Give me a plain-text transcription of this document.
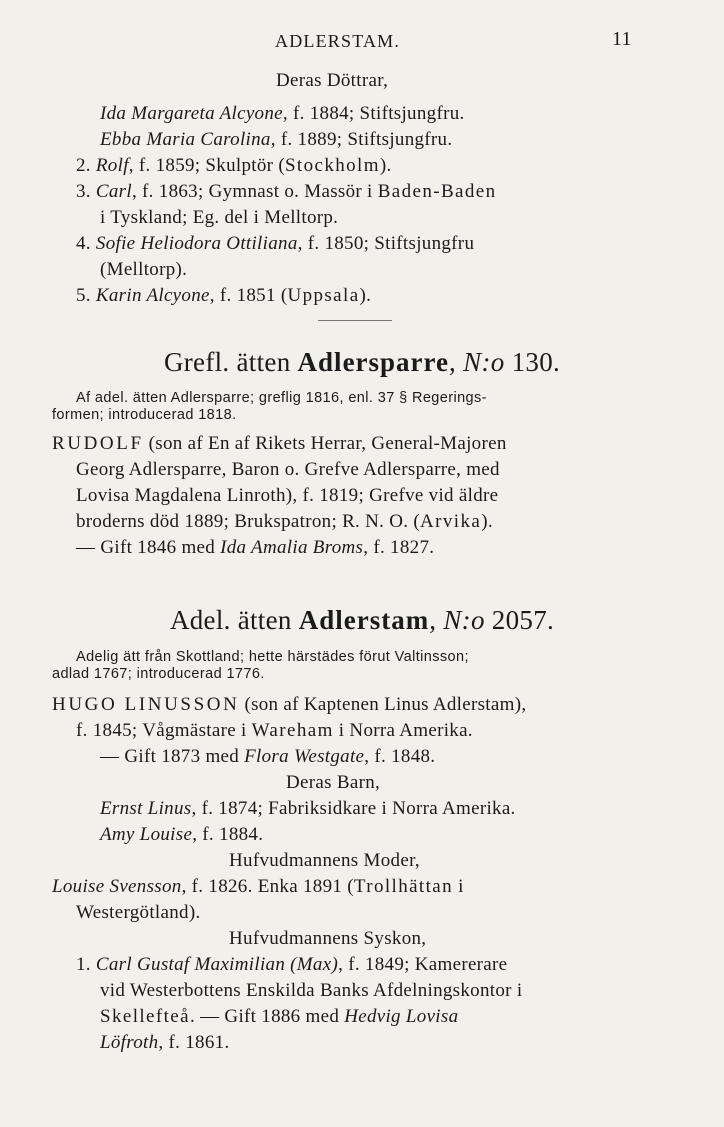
ADLERSTAM.	11
Deras Döttrar,
Ida Margareta Alcyone, f. 1884; Stiftsjungfru.
Ebba Maria Carolina, f. 1889; Stiftsjungfru.
2. Rolf, f. 1859; Skulptör (Stockholm).
3. Carl, f. 1863; Gymnast o. Massör i Baden-Baden
i Tyskland; Eg. del i Melltorp.
4. Sofie Heliodora Ottiliana, f. 1850; Stiftsjungfru
(Melltorp).
5. Karin Alcyone, f. 1851 (Uppsala).
Grefl. ätten Adlersparre, N:o 130.
Af adel. ätten Adlersparre; greflig 1816, enl. 37 § Regerings-
formen; introducerad 1818.
RUDOLF (son af En af Rikets Herrar, General-Majoren
Georg Adlersparre, Baron o. Grefve Adlersparre, med
Lovisa Magdalena Linroth), f. 1819; Grefve vid äldre
broderns död 1889; Brukspatron; R. N. O. (Arvika).
— Gift 1846 med Ida Amalia Broms, f. 1827.
Adel. ätten Adlerstam, N:o 2057.
Adelig ätt från Skottland; hette härstädes förut Valtinsson;
adlad 1767; introducerad 1776.
HUGO LINUSSON (son af Kaptenen Linus Adlerstam),
f. 1845; Vågmästare i Wareham i Norra Amerika.
— Gift 1873 med Flora Westgate, f. 1848.
Deras Barn,
Ernst Linus, f. 1874; Fabriksidkare i Norra Amerika.
Amy Louise, f. 1884.
Hufvudmannens Moder,
Louise Svensson, f. 1826. Enka 1891 (Trollhättan i
Westergötland).
Hufvudmannens Syskon,
1. Carl Gustaf Maximilian (Max), f. 1849; Kamererare
vid Westerbottens Enskilda Banks Afdelningskontor i
Skellefteå. — Gift 1886 med Hedvig Lovisa
Löfroth, f. 1861.
